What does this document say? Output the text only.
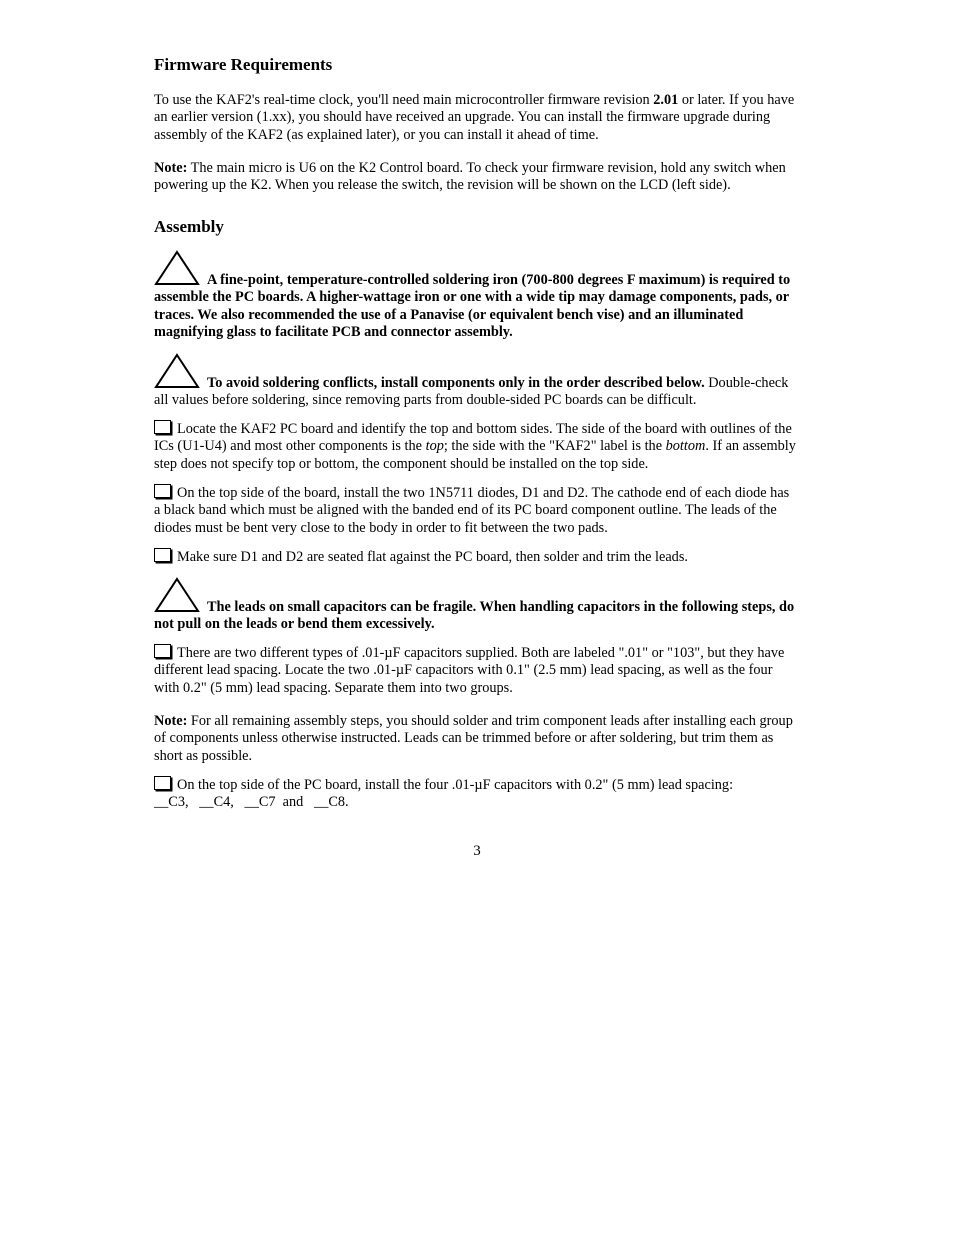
Firmware Requirements

To use the KAF2's real-time clock, you'll need main microcontroller firmware revision 2.01 or later. If you have an earlier version (1.xx), you should have received an upgrade. You can install the firmware upgrade during assembly of the KAF2 (as explained later), or you can install it ahead of time.

Note: The main micro is U6 on the K2 Control board. To check your firmware revision, hold any switch when powering up the K2. When you release the switch, the revision will be shown on the LCD (left side).

Assembly

A fine-point, temperature-controlled soldering iron (700-800 degrees F maximum) is required to assemble the PC boards. A higher-wattage iron or one with a wide tip may damage components, pads, or traces. We also recommended the use of a Panavise (or equivalent bench vise) and an illuminated magnifying glass to facilitate PCB and connector assembly.

To avoid soldering conflicts, install components only in the order described below. Double-check all values before soldering, since removing parts from double-sided PC boards can be difficult.

Locate the KAF2 PC board and identify the top and bottom sides. The side of the board with outlines of the ICs (U1-U4) and most other components is the top; the side with the "KAF2" label is the bottom. If an assembly step does not specify top or bottom, the component should be installed on the top side.

On the top side of the board, install the two 1N5711 diodes, D1 and D2. The cathode end of each diode has a black band which must be aligned with the banded end of its PC board component outline. The leads of the diodes must be bent very close to the body in order to fit between the two pads.

Make sure D1 and D2 are seated flat against the PC board, then solder and trim the leads.

The leads on small capacitors can be fragile. When handling capacitors in the following steps, do not pull on the leads or bend them excessively.

There are two different types of .01-µF capacitors supplied. Both are labeled ".01" or "103", but they have different lead spacing. Locate the two .01-µF capacitors with 0.1" (2.5 mm) lead spacing, as well as the four with 0.2" (5 mm) lead spacing. Separate them into two groups.

Note: For all remaining assembly steps, you should solder and trim component leads after installing each group of components unless otherwise instructed. Leads can be trimmed before or after soldering, but trim them as short as possible.

On the top side of the PC board, install the four .01-µF capacitors with 0.2" (5 mm) lead spacing:
__C3,   __C4,   __C7  and   __C8.

3
